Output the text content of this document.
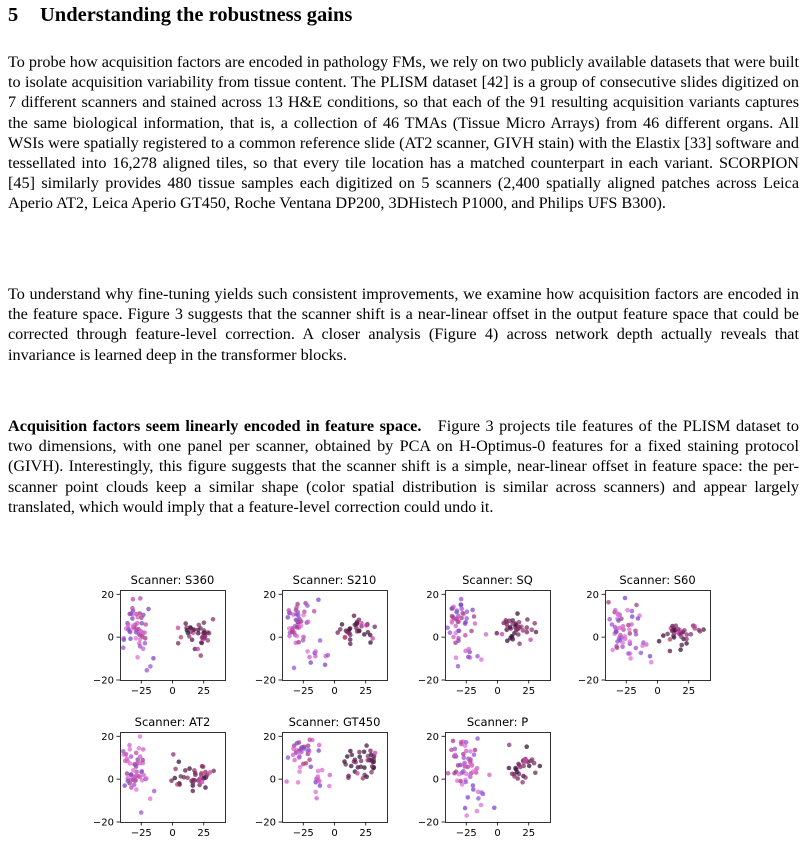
5 Understanding the robustness gains

To probe how acquisition factors are encoded in pathology FMs, we rely on two publicly available datasets that were built to isolate acquisition variability from tissue content. The PLISM dataset [42] is a group of consecutive slides digitized on 7 different scanners and stained across 13 H&E conditions, so that each of the 91 resulting acquisition variants captures the same biological information, that is, a collection of 46 TMAs (Tissue Micro Arrays) from 46 different organs. All WSIs were spatially registered to a common reference slide (AT2 scanner, GIVH stain) with the Elastix [33] software and tessellated into 16,278 aligned tiles, so that every tile location has a matched counterpart in each variant. SCORPION [45] similarly provides 480 tissue samples each digitized on 5 scanners (2,400 spatially aligned patches across Leica Aperio AT2, Leica Aperio GT450, Roche Ventana DP200, 3DHistech P1000, and Philips UFS B300).

To understand why fine-tuning yields such consistent improvements, we examine how acquisition factors are encoded in the feature space. Figure 3 suggests that the scanner shift is a near-linear offset in the output feature space that could be corrected through feature-level correction. A closer analysis (Figure 4) across network depth actually reveals that invariance is learned deep in the transformer blocks.

Acquisition factors seem linearly encoded in feature space. Figure 3 projects tile features of the PLISM dataset to two dimensions, with one panel per scanner, obtained by PCA on H-Optimus-0 features for a fixed staining protocol (GIVH). Interestingly, this figure suggests that the scanner shift is a simple, near-linear offset in feature space: the per-scanner point clouds keep a similar shape (color spatial distribution is similar across scanners) and appear largely translated, which would imply that a feature-level correction could undo it.

Scanner: S360
−25 0 25
20
0
−20
Scanner: S210
−25 0 25
20
0
−20
Scanner: SQ
−25 0 25
20
0
−20
Scanner: S60
−25 0 25
20
0
−20
Scanner: AT2
−25 0 25
20
0
−20
Scanner: GT450
−25 0 25
20
0
−20
Scanner: P
−25 0 25
20
0
−20
